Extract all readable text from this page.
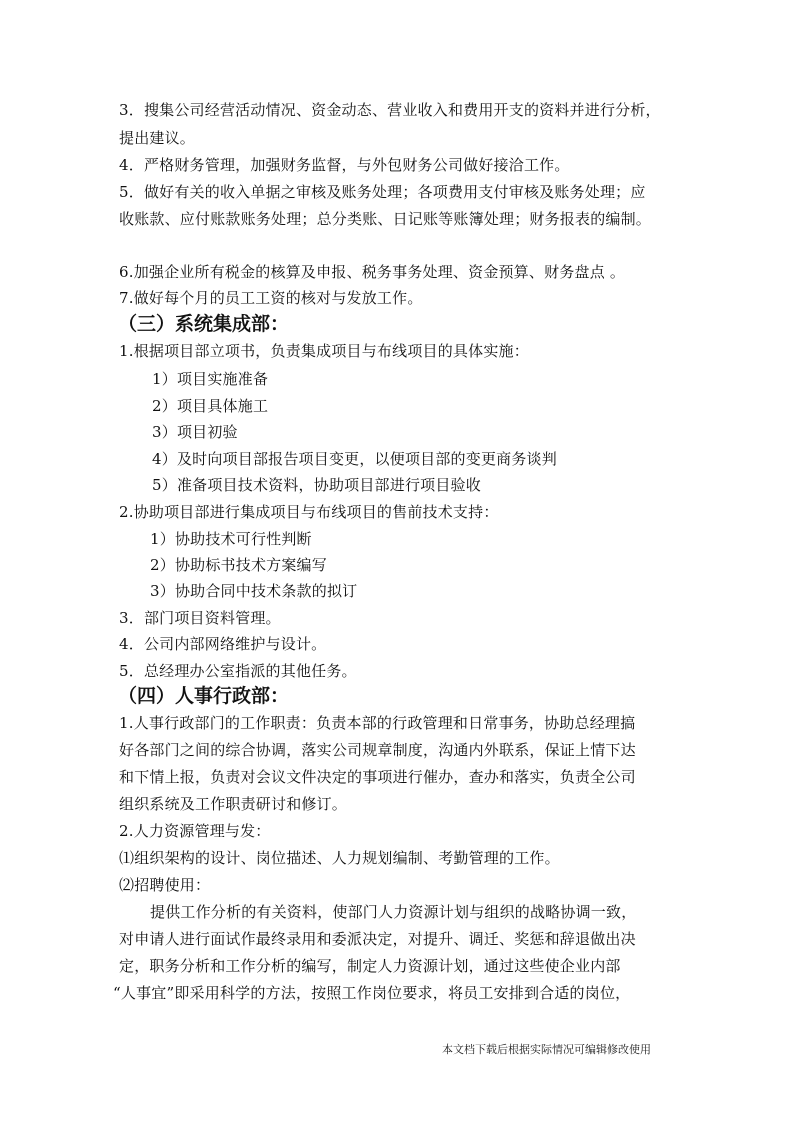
3．搜集公司经营活动情况、资金动态、营业收入和费用开支的资料并进行分析，
提出建议。
4．严格财务管理，加强财务监督，与外包财务公司做好接洽工作。
5．做好有关的收入单据之审核及账务处理；各项费用支付审核及账务处理；应
收账款、应付账款账务处理；总分类账、日记账等账簿处理；财务报表的编制。
6.加强企业所有税金的核算及申报、税务事务处理、资金预算、财务盘点 。
7.做好每个月的员工工资的核对与发放工作。
（三）系统集成部：
1.根据项目部立项书，负责集成项目与布线项目的具体实施：
1）项目实施准备
2）项目具体施工
3）项目初验
4）及时向项目部报告项目变更，以便项目部的变更商务谈判
5）准备项目技术资料，协助项目部进行项目验收
2.协助项目部进行集成项目与布线项目的售前技术支持：
1）协助技术可行性判断
2）协助标书技术方案编写
3）协助合同中技术条款的拟订
3．部门项目资料管理。
4．公司内部网络维护与设计。
5．总经理办公室指派的其他任务。
（四）人事行政部：
1.人事行政部门的工作职责：负责本部的行政管理和日常事务，协助总经理搞
好各部门之间的综合协调，落实公司规章制度，沟通内外联系，保证上情下达
和下情上报，负责对会议文件决定的事项进行催办，查办和落实，负责全公司
组织系统及工作职责研讨和修订。
2.人力资源管理与发：
⑴组织架构的设计、岗位描述、人力规划编制、考勤管理的工作。
⑵招聘使用：
提供工作分析的有关资料，使部门人力资源计划与组织的战略协调一致，
对申请人进行面试作最终录用和委派决定，对提升、调迁、奖惩和辞退做出决
定，职务分析和工作分析的编写，制定人力资源计划，通过这些使企业内部
“人事宜”即采用科学的方法，按照工作岗位要求，将员工安排到合适的岗位，
本文档下载后根据实际情况可编辑修改使用
